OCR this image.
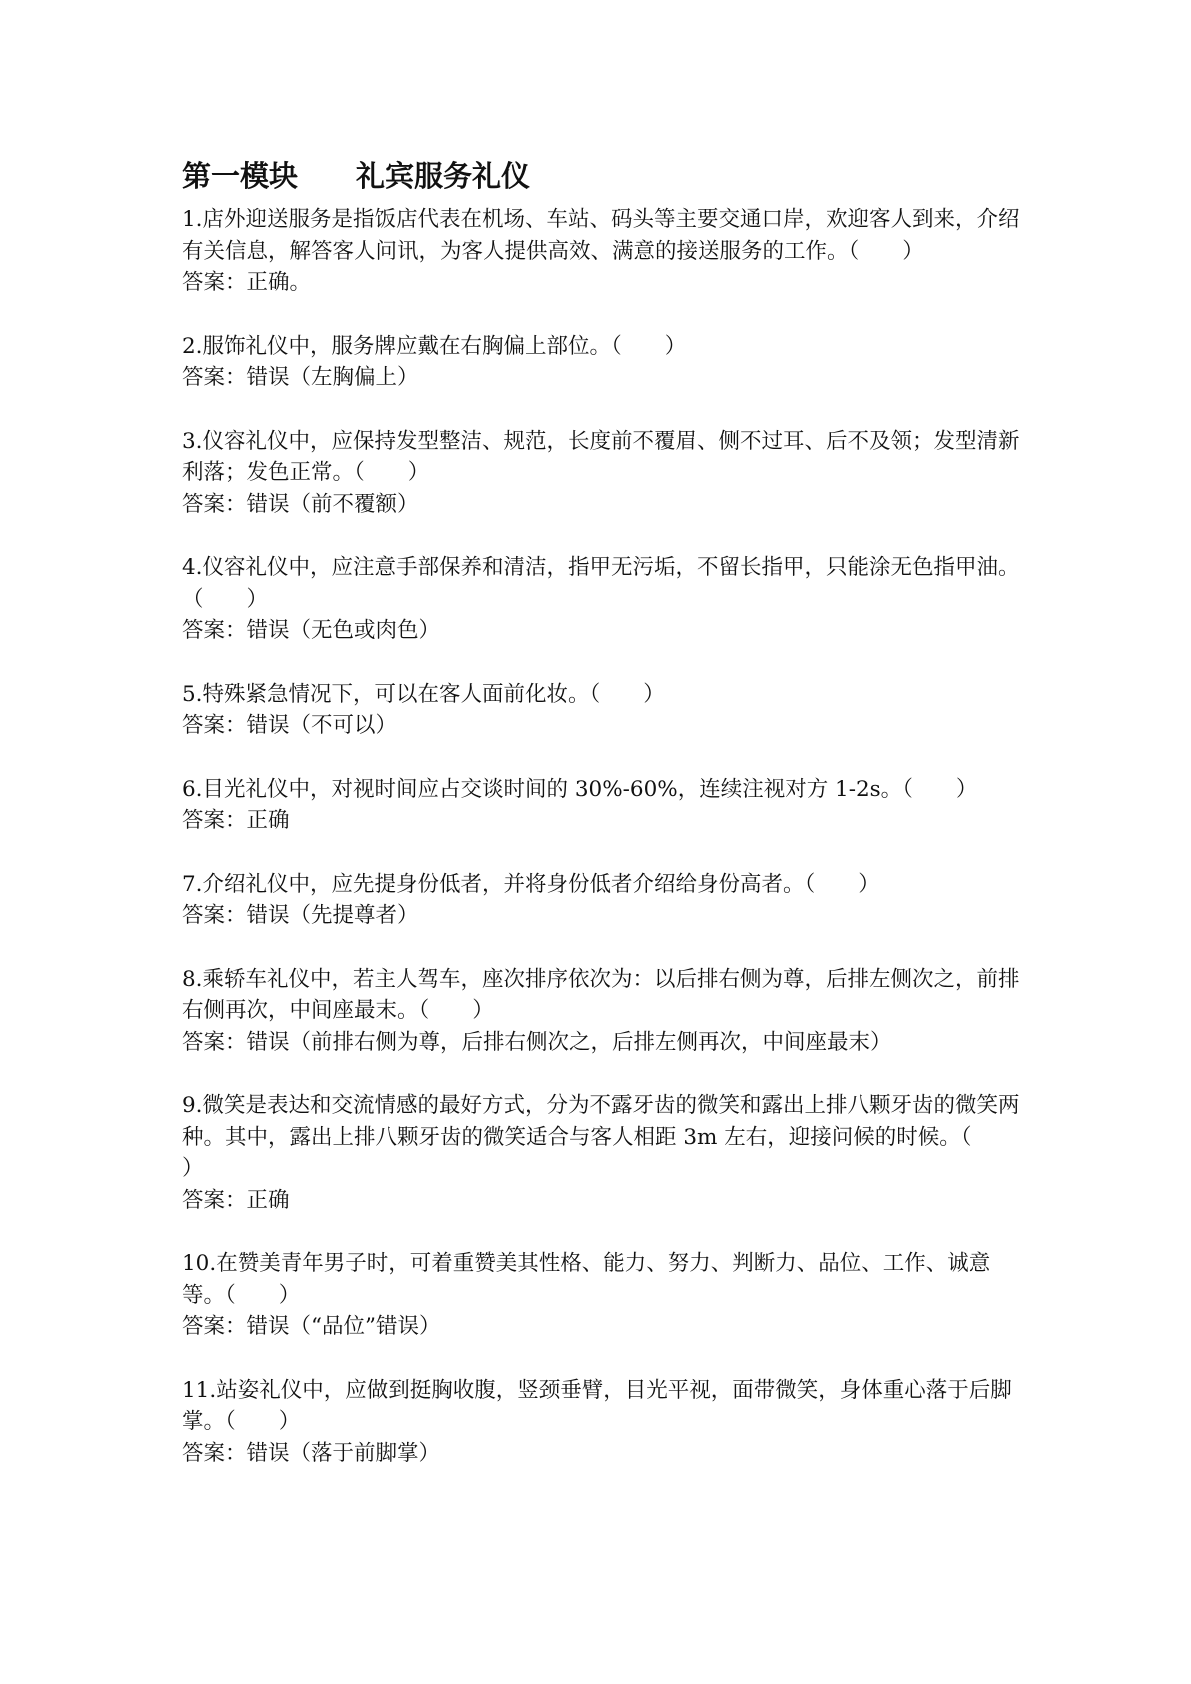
第一模块　　礼宾服务礼仪

1.店外迎送服务是指饭店代表在机场、车站、码头等主要交通口岸，欢迎客人到来，介绍有关信息，解答客人问讯，为客人提供高效、满意的接送服务的工作。（　　）

答案：正确。

2.服饰礼仪中，服务牌应戴在右胸偏上部位。（　　）

答案：错误（左胸偏上）

3.仪容礼仪中，应保持发型整洁、规范，长度前不覆眉、侧不过耳、后不及领；发型清新利落；发色正常。（　　）

答案：错误（前不覆额）

4.仪容礼仪中，应注意手部保养和清洁，指甲无污垢，不留长指甲，只能涂无色指甲油。（　　）

答案：错误（无色或肉色）

5.特殊紧急情况下，可以在客人面前化妆。（　　）

答案：错误（不可以）

6.目光礼仪中，对视时间应占交谈时间的 30%-60%，连续注视对方 1-2s。（　　）

答案：正确

7.介绍礼仪中，应先提身份低者，并将身份低者介绍给身份高者。（　　）

答案：错误（先提尊者）

8.乘轿车礼仪中，若主人驾车，座次排序依次为：以后排右侧为尊，后排左侧次之，前排右侧再次，中间座最末。（　　）

答案：错误（前排右侧为尊，后排右侧次之，后排左侧再次，中间座最末）

9.微笑是表达和交流情感的最好方式，分为不露牙齿的微笑和露出上排八颗牙齿的微笑两种。其中，露出上排八颗牙齿的微笑适合与客人相距 3m 左右，迎接问候的时候。（　　）

答案：正确

10.在赞美青年男子时，可着重赞美其性格、能力、努力、判断力、品位、工作、诚意等。（　　）

答案：错误（“品位”错误）

11.站姿礼仪中，应做到挺胸收腹，竖颈垂臂，目光平视，面带微笑，身体重心落于后脚掌。（　　）

答案：错误（落于前脚掌）
